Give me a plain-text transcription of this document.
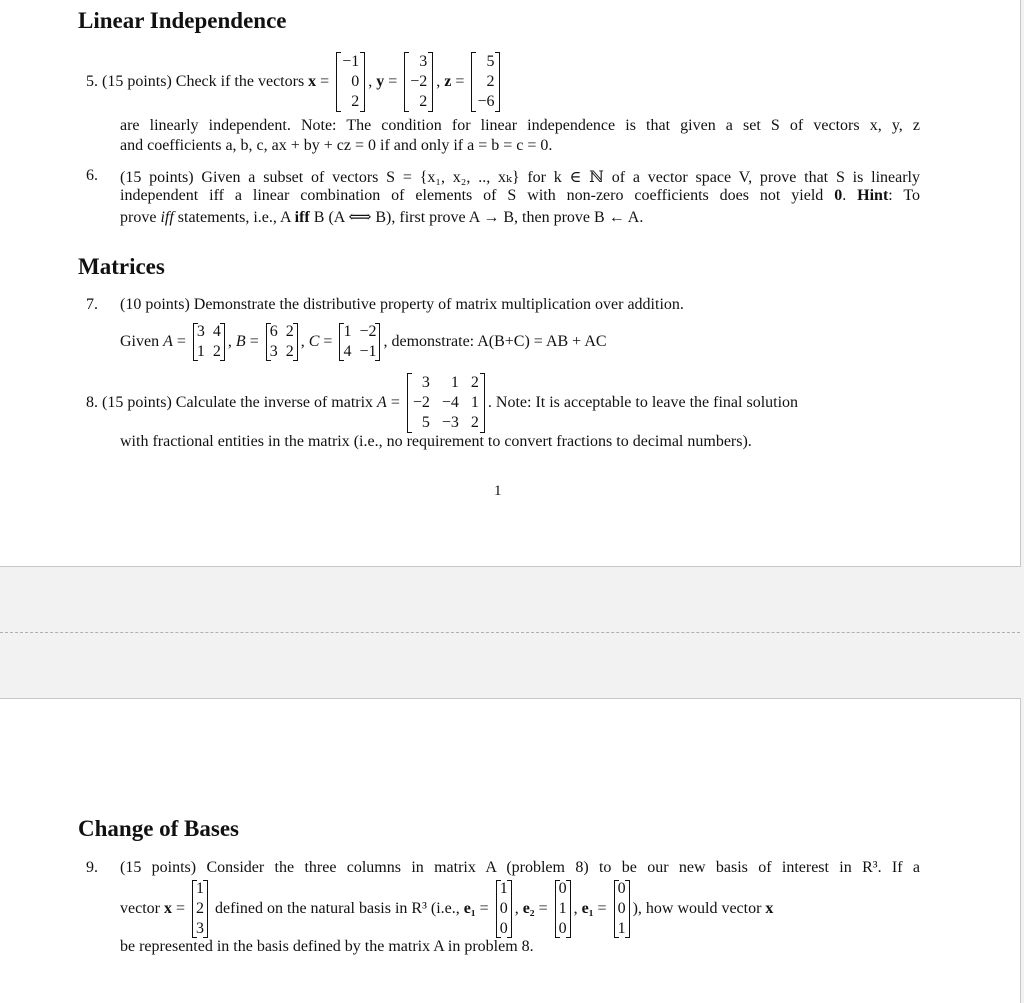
Linear Independence
5.
(15 points) Check if the vectors x =
−1
0
2
, y =
3
−2
2
, z =
5
2
−6
are linearly independent. Note: The condition for linear independence is that given a set S of vectors x, y, z
and coefficients a, b, c, ax + by + cz = 0 if and only if a = b = c = 0.
6. (15 points) Given a subset of vectors S = {x₁, x₂, .., xₖ} for k ∈ ℕ of a vector space V, prove that S is linearly
independent iff a linear combination of elements of S with non-zero coefficients does not yield 0. Hint: To
prove iff statements, i.e., A iff B (A ⟺ B), first prove A → B, then prove B ← A.
Matrices
7. (10 points) Demonstrate the distributive property of matrix multiplication over addition.
Given A =
3 4
1 2
, B =
6 2
3 2
, C =
1 −2
4 −1
, demonstrate: A(B+C) = AB + AC
8.
(15 points) Calculate the inverse of matrix A =
3 1 2
−2 −4 1
5 −3 2
. Note: It is acceptable to leave the final solution
with fractional entities in the matrix (i.e., no requirement to convert fractions to decimal numbers).
1
Change of Bases
9. (15 points) Consider the three columns in matrix A (problem 8) to be our new basis of interest in R³. If a
vector x =
1
2
3
defined on the natural basis in R³ (i.e., e₁ =
1
0
0
, e₂ =
0
1
0
, e₁ =
0
0
1
), how would vector x
be represented in the basis defined by the matrix A in problem 8.
